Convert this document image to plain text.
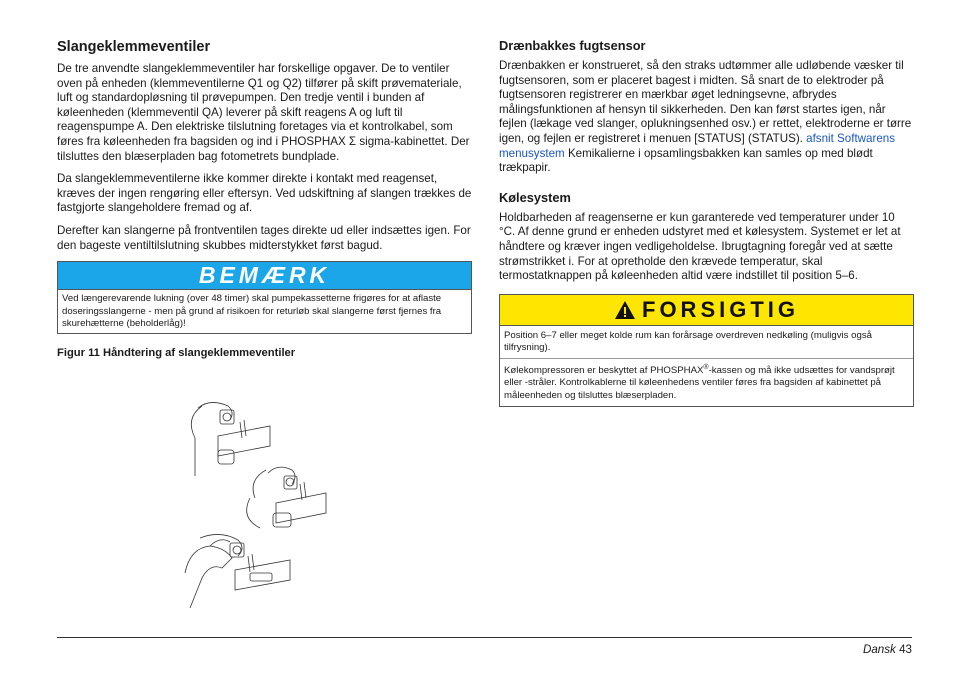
Slangeklemmeventiler

De tre anvendte slangeklemmeventiler har forskellige opgaver. De to ventiler oven på enheden (klemmeventilerne Q1 og Q2) tilfører på skift prøvemateriale, luft og standardopløsning til prøvepumpen. Den tredje ventil i bunden af køleenheden (klemmeventil QA) leverer på skift reagens A og luft til reagenspumpe A. Den elektriske tilslutning foretages via et kontrolkabel, som føres fra køleenheden fra bagsiden og ind i PHOSPHAX Σ sigma-kabinettet. Der tilsluttes den blæserpladen bag fotometrets bundplade.

Da slangeklemmeventilerne ikke kommer direkte i kontakt med reagenset, kræves der ingen rengøring eller eftersyn. Ved udskiftning af slangen trækkes de fastgjorte slangeholdere fremad og af.

Derefter kan slangerne på frontventilen tages direkte ud eller indsættes igen. For den bageste ventiltilslutning skubbes midterstykket først bagud.

BEMÆRK
Ved længerevarende lukning (over 48 timer) skal pumpekassetterne frigøres for at aflaste doseringsslangerne - men på grund af risikoen for returløb skal slangerne først fjernes fra skurehætterne (beholderlåg)!

Figur 11 Håndtering af slangeklemmeventiler

Drænbakkes fugtsensor

Drænbakken er konstrueret, så den straks udtømmer alle udløbende væsker til fugtsensoren, som er placeret bagest i midten. Så snart de to elektroder på fugtsensoren registrerer en mærkbar øget ledningsevne, afbrydes målingsfunktionen af hensyn til sikkerheden. Den kan først startes igen, når fejlen (lækage ved slanger, oplukningsenhed osv.) er rettet, elektroderne er tørre igen, og fejlen er registreret i menuen [STATUS] (STATUS). afsnit Softwarens menusystem Kemikalierne i opsamlingsbakken kan samles op med blødt trækpapir.

Kølesystem

Holdbarheden af reagenserne er kun garanterede ved temperaturer under 10 °C. Af denne grund er enheden udstyret med et kølesystem. Systemet er let at håndtere og kræver ingen vedligeholdelse. Ibrugtagning foregår ved at sætte strømstrikket i. For at opretholde den krævede temperatur, skal termostatknappen på køleenheden altid være indstillet til position 5–6.

FORSIGTIG
Position 6–7 eller meget kolde rum kan forårsage overdreven nedkøling (muligvis også tilfrysning).
Kølekompressoren er beskyttet af PHOSPHAX®-kassen og må ikke udsættes for vandsprøjt eller -stråler. Kontrolkablerne til køleenhedens ventiler føres fra bagsiden af kabinettet på måleenheden og tilsluttes blæserpladen.
Dansk 43
